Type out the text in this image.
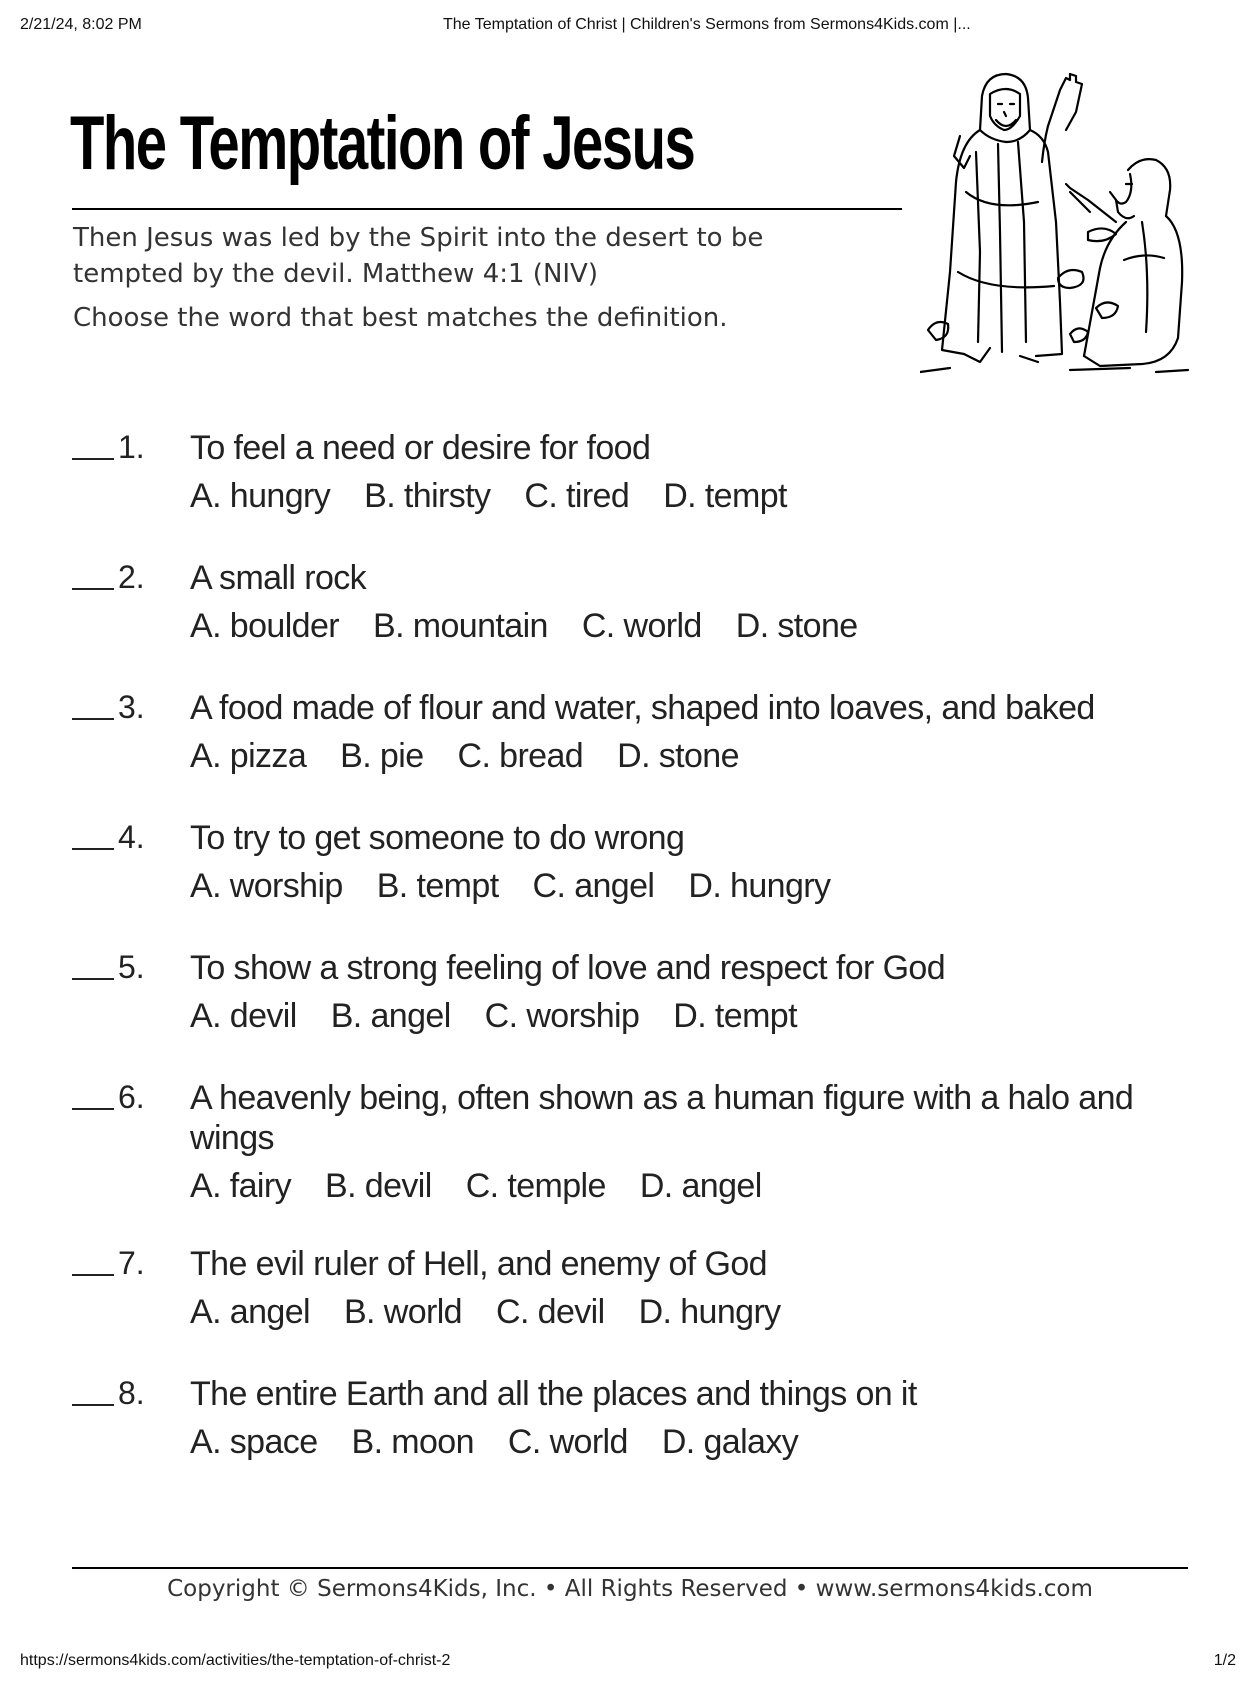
2/21/24, 8:02 PM	The Temptation of Christ | Children's Sermons from Sermons4Kids.com |...
The Temptation of Jesus
Then Jesus was led by the Spirit into the desert to be tempted by the devil. Matthew 4:1 (NIV)
Choose the word that best matches the definition.
1. To feel a need or desire for food
A. hungry B. thirsty C. tired D. tempt
2. A small rock
A. boulder B. mountain C. world D. stone
3. A food made of flour and water, shaped into loaves, and baked
A. pizza B. pie C. bread D. stone
4. To try to get someone to do wrong
A. worship B. tempt C. angel D. hungry
5. To show a strong feeling of love and respect for God
A. devil B. angel C. worship D. tempt
6. A heavenly being, often shown as a human figure with a halo and wings
A. fairy B. devil C. temple D. angel
7. The evil ruler of Hell, and enemy of God
A. angel B. world C. devil D. hungry
8. The entire Earth and all the places and things on it
A. space B. moon C. world D. galaxy
Copyright © Sermons4Kids, Inc. • All Rights Reserved • www.sermons4kids.com
https://sermons4kids.com/activities/the-temptation-of-christ-2	1/2
